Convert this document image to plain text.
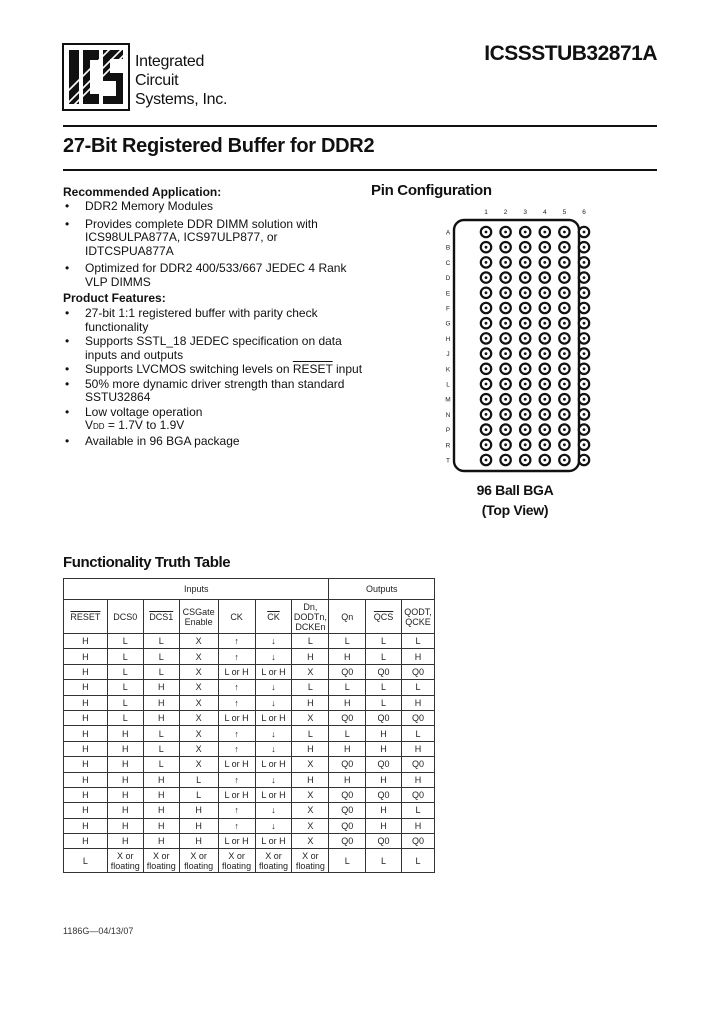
Integrated
Circuit
Systems, Inc.
ICSSSTUB32871A
27-Bit Registered Buffer for DDR2
Recommended Application:
• DDR2 Memory Modules
• Provides complete DDR DIMM solution with ICS98ULPA877A, ICS97ULP877, or IDTCSPUA877A
• Optimized for DDR2 400/533/667 JEDEC 4 Rank VLP DIMMS
Product Features:
• 27-bit 1:1 registered buffer with parity check functionality
• Supports SSTL_18 JEDEC specification on data inputs and outputs
• Supports LVCMOS switching levels on RESET input
• 50% more dynamic driver strength than standard SSTU32864
• Low voltage operation
VDD = 1.7V to 1.9V
• Available in 96 BGA package
Pin Configuration
1 2 3 4 5 6
A
B
C
D
E
F
G
H
J
K
L
M
N
P
R
T
96 Ball BGA
(Top View)
Functionality Truth Table
Inputs							Outputs		
RESET	DCS0	DCS1	CSGate Enable	CK	$\overline{CK}$	Dn, DODTn, DCKEn	Qn	$\overline{QCS}$	QODT, QCKE
H	L	L	X	↑	↓	L	L	L	L
H	L	L	X	↑	↓	H	H	L	H
H	L	L	X	L or H	L or H	X	Q0	Q0	Q0
H	L	H	X	↑	↓	L	L	L	L
H	L	H	X	↑	↓	H	H	L	H
H	L	H	X	L or H	L or H	X	Q0	Q0	Q0
H	H	L	X	↑	↓	L	L	H	L
H	H	L	X	↑	↓	H	H	H	H
H	H	L	X	L or H	L or H	X	Q0	Q0	Q0
H	H	H	L	↑	↓	H	H	H	H
H	H	H	L	L or H	L or H	X	Q0	Q0	Q0
H	H	H	H	↑	↓	X	Q0	H	L
H	H	H	H	↑	↓	X	Q0	H	H
H	H	H	H	L or H	L or H	X	Q0	Q0	Q0
L	X or floating	X or floating	X or floating	X or floating	X or floating	X or floating	L	L	L
1186G—04/13/07
